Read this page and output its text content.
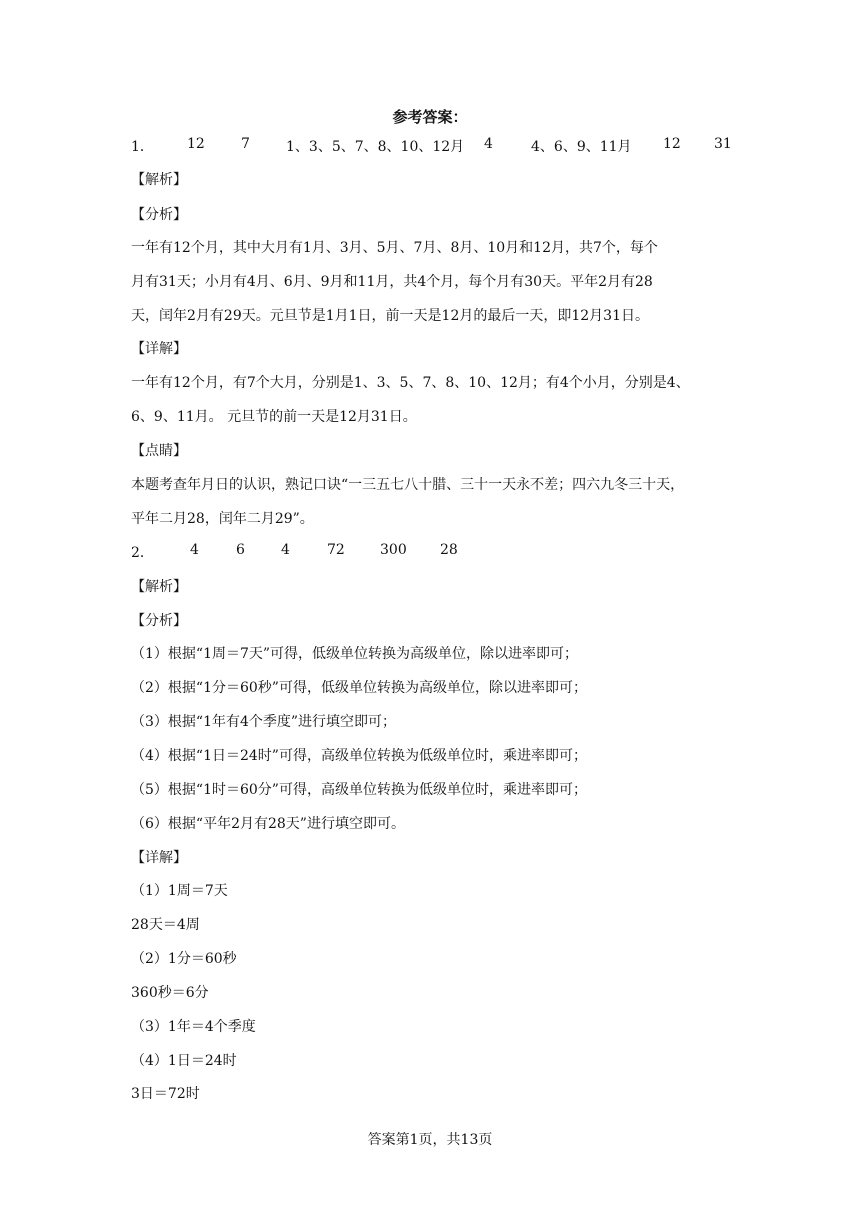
参考答案：
1． 12	7	1、3、5、7、8、10、12月 4	4、6、9、11月 12 31
【解析】
【分析】
一年有12个月，其中大月有1月、3月、5月、7月、8月、10月和12月，共7个，每个
月有31天；小月有4月、6月、9月和11月，共4个月，每个月有30天。平年2月有28
天，闰年2月有29天。元旦节是1月1日，前一天是12月的最后一天，即12月31日。
【详解】
一年有12个月，有7个大月，分别是1、3、5、7、8、10、12月；有4个小月，分别是4、
6、9、11月。 元旦节的前一天是12月31日。
【点睛】
本题考查年月日的认识，熟记口诀“一三五七八十腊、三十一天永不差；四六九冬三十天，
平年二月28，闰年二月29”。
2．	4	6	4	72	300 28
【解析】
【分析】
（1）根据“1周＝7天”可得，低级单位转换为高级单位，除以进率即可；
（2）根据“1分＝60秒”可得，低级单位转换为高级单位，除以进率即可；
（3）根据“1年有4个季度”进行填空即可；
（4）根据“1日＝24时”可得，高级单位转换为低级单位时，乘进率即可；
（5）根据“1时＝60分”可得，高级单位转换为低级单位时，乘进率即可；
（6）根据“平年2月有28天”进行填空即可。
【详解】
（1）1周＝7天
28天＝4周
（2）1分＝60秒
360秒＝6分
（3）1年＝4个季度
（4）1日＝24时
3日＝72时
答案第1页，共13页
